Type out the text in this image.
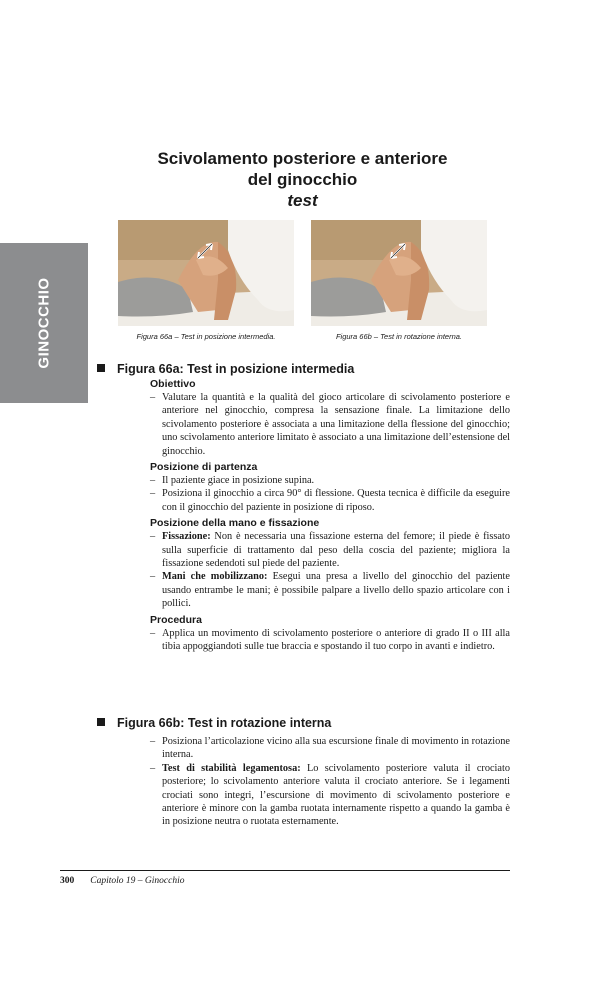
GINOCCHIO
Scivolamento posteriore e anteriore
del ginocchio
test
Figura 66a – Test in posizione intermedia.	Figura 66b – Test in rotazione interna.
Figura 66a: Test in posizione intermedia
Obiettivo
– Valutare la quantità e la qualità del gioco articolare di scivolamento posteriore e anteriore nel ginocchio, compresa la sensazione finale. La limitazione dello scivolamento posteriore è associata a una limitazione della flessione del ginocchio; uno scivolamento anteriore limitato è associato a una limitazione dell’estensione del ginocchio.
Posizione di partenza
– Il paziente giace in posizione supina.
– Posiziona il ginocchio a circa 90° di flessione. Questa tecnica è difficile da eseguire con il ginocchio del paziente in posizione di riposo.
Posizione della mano e fissazione
– Fissazione: Non è necessaria una fissazione esterna del femore; il piede è fissato sulla superficie di trattamento dal peso della coscia del paziente; migliora la fissazione sedendoti sul piede del paziente.
– Mani che mobilizzano: Esegui una presa a livello del ginocchio del paziente usando entrambe le mani; è possibile palpare a livello dello spazio articolare con i pollici.
Procedura
– Applica un movimento di scivolamento posteriore o anteriore di grado II o III alla tibia appoggiandoti sulle tue braccia e spostando il tuo corpo in avanti e indietro.
Figura 66b: Test in rotazione interna
– Posiziona l’articolazione vicino alla sua escursione finale di movimento in rotazione interna.
– Test di stabilità legamentosa: Lo scivolamento posteriore valuta il crociato posteriore; lo scivolamento anteriore valuta il crociato anteriore. Se i legamenti crociati sono integri, l’escursione di movimento di scivolamento posteriore e anteriore è minore con la gamba ruotata internamente rispetto a quando la gamba è in posizione neutra o ruotata esternamente.
300 Capitolo 19 – Ginocchio
